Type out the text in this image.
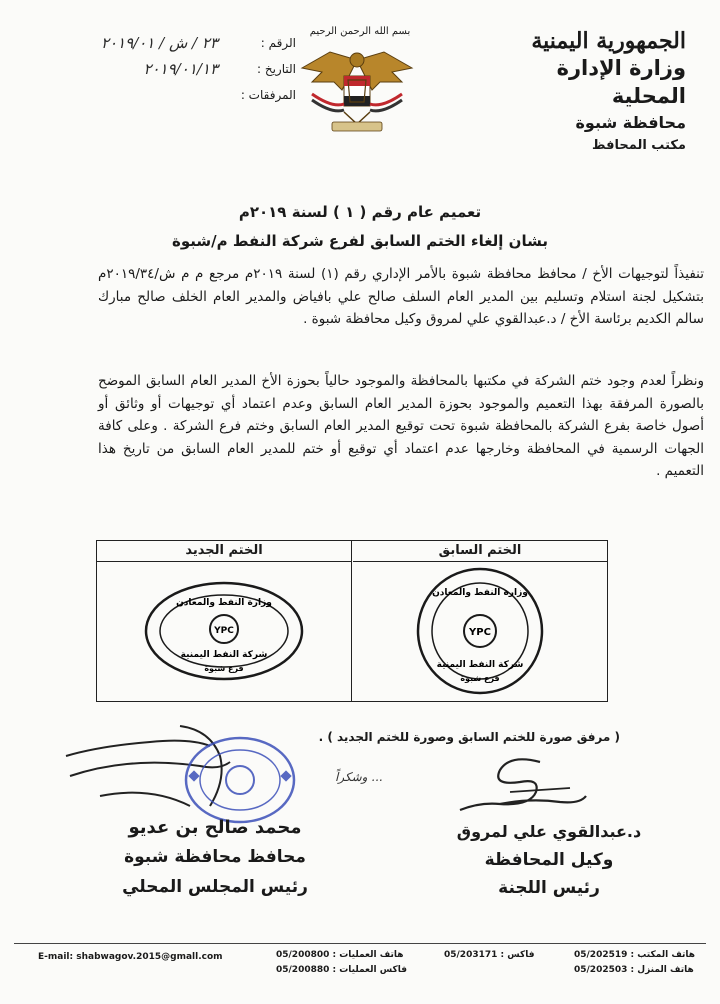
الجمهورية اليمنية
وزارة الإدارة المحلية
محافظة شبوة
مكتب المحافظ
بسم الله الرحمن الرحيم
الرقم :
۲۳ / ش / ۲۰۱۹/۰۱
التاريخ :
۲۰۱۹/۰۱/۱۳
المرفقات :
تعميم عام رقم ( ١ ) لسنة ٢٠١٩م
بشان إلغاء الختم السابق لفرع شركة النفط م/شبوة
تنفيذاً لتوجيهات الأخ / محافظ محافظة شبوة بالأمر الإداري رقم (١) لسنة ٢٠١٩م مرجع م م ش/٢٠١٩/٣٤م بتشكيل لجنة استلام وتسليم بين المدير العام السلف صالح علي بافياض والمدير العام الخلف صالح مبارك سالم الكديم برئاسة الأخ / د.عبدالقوي علي لمروق وكيل محافظة شبوة .
ونظراً لعدم وجود ختم الشركة في مكتبها بالمحافظة والموجود حالياً بحوزة الأخ المدير العام السابق الموضح بالصورة المرفقة بهذا التعميم والموجود بحوزة المدير العام السابق وعدم اعتماد أي توجيهات أو وثائق أو أصول خاصة بفرع الشركة بالمحافظة شبوة تحت توقيع المدير العام السابق وختم فرع الشركة . وعلى كافة الجهات الرسمية في المحافظة وخارجها عدم اعتماد أي توقيع أو ختم للمدير العام السابق من تاريخ هذا التعميم .
الختم السابق
YPC
وزارة النفط والمعادن
شركة النفط اليمنية
فرع شبوة
الختم الجديد
YPC
وزارة النفط والمعادن
شركة النفط اليمنية
فرع شبوة
( مرفق صورة للختم السابق وصورة للختم الجديد ) .
وشكراً ...
د.عبدالقوي علي لمروق
وكيل المحافظة
رئيس اللجنة
محمد صالح بن عديو
محافظ محافظة شبوة
رئيس المجلس المحلي
E-mail: shabwagov.2015@gmall.com	هاتف العمليات : 05/200800
فاكس العمليات : 05/200880
فاكس : 05/203171	هاتف المكتب : 05/202519
هاتف المنزل : 05/202503
